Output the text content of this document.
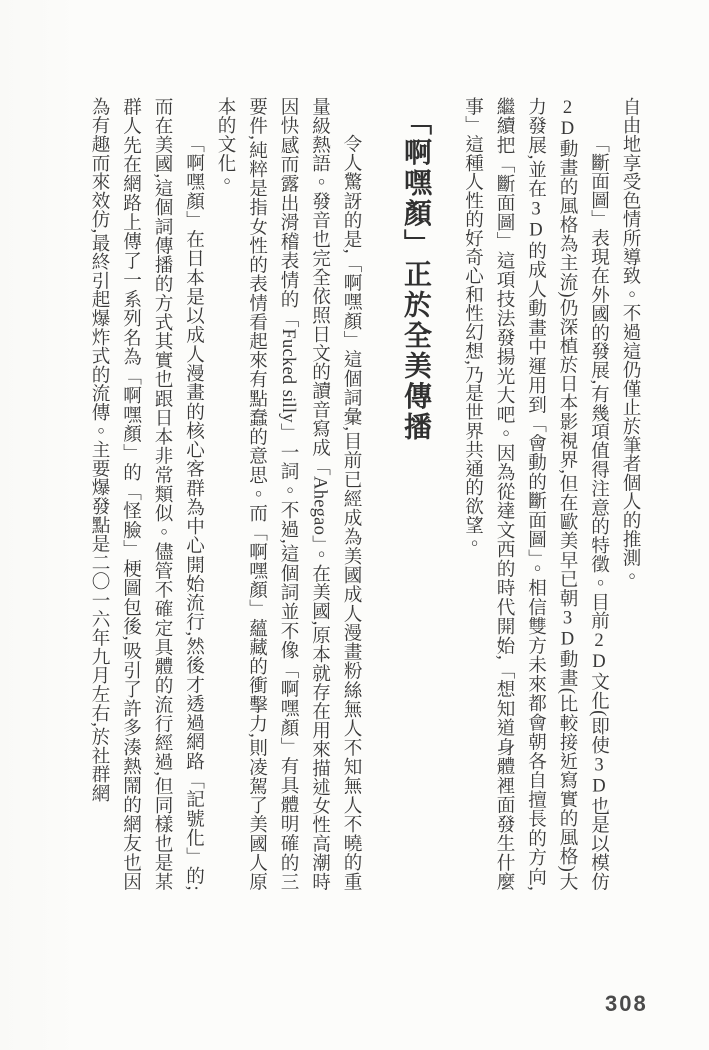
自由地享受色情所導致。不過這仍僅止於筆者個人的推測。

「斷面圖」表現在外國的發展,有幾項值得注意的特徵。目前2D文化(即使3D也是以模仿2D動畫的風格為主流)仍深植於日本影視界,但在歐美早已朝3D動畫(比較接近寫實的風格)大力發展,並在3D的成人動畫中運用到「會動的斷面圖」。相信雙方未來都會朝各自擅長的方向,繼續把「斷面圖」這項技法發揚光大吧。因為從達文西的時代開始,「想知道身體裡面發生什麼事」這種人性的好奇心和性幻想,乃是世界共通的欲望。

「啊嘿顏」正於全美傳播

令人驚訝的是,「啊嘿顏」這個詞彙,目前已經成為美國成人漫畫粉絲無人不知無人不曉的重量級熱語。發音也完全依照日文的讀音寫成「Ahegao」。在美國,原本就存在用來描述女性高潮時因快感而露出滑稽表情的「Fucked silly」一詞。不過,這個詞並不像「啊嘿顏」有具體明確的三要件,純粹是指女性的表情看起來有點蠢的意思。而「啊嘿顏」蘊藏的衝擊力,則凌駕了美國人原本的文化。

「啊嘿顏」在日本是以成人漫畫的核心客群為中心開始流行,然後才透過網路「記號化」的;而在美國,這個詞傳播的方式其實也跟日本非常類似。儘管不確定具體的流行經過,但同樣也是某群人先在網路上傳了一系列名為「啊嘿顏」的「怪臉」梗圖包後,吸引了許多湊熱鬧的網友也因為有趣而來效仿,最終引起爆炸式的流傳。主要爆發點是二〇一六年九月左右,於社群網

308
